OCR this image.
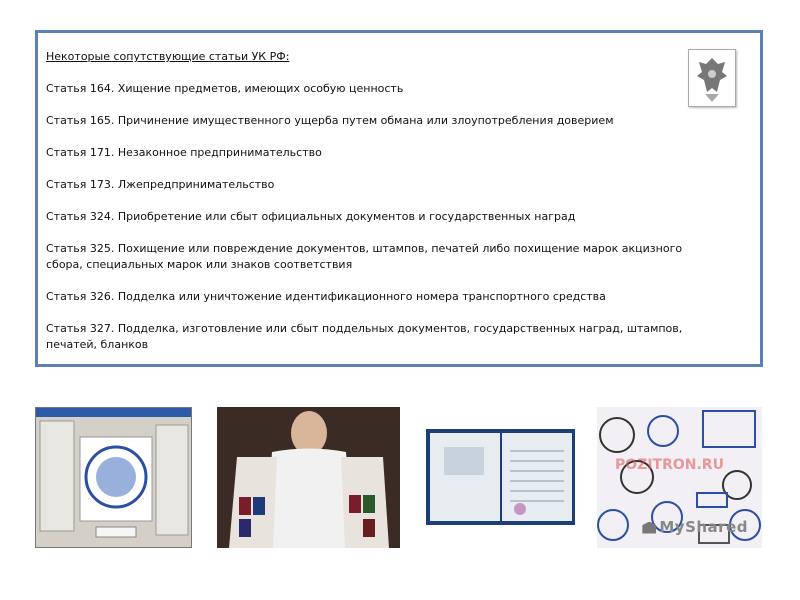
Некоторые сопутствующие статьи УК РФ:
Статья 164. Хищение предметов, имеющих особую ценность
Статья 165. Причинение имущественного ущерба путем обмана или злоупотребления доверием
Статья 171. Незаконное предпринимательство
Статья 173. Лжепредпринимательство
Статья 324. Приобретение или сбыт официальных документов и государственных наград
Статья 325. Похищение или повреждение документов, штампов, печатей либо похищение марок акцизного сбора, специальных марок или знаков соответствия
Статья 326. Подделка или уничтожение идентификационного номера транспортного средства
Статья 327. Подделка, изготовление или сбыт поддельных документов, государственных наград, штампов, печатей, бланков
POZITRON.RU
MyShared
